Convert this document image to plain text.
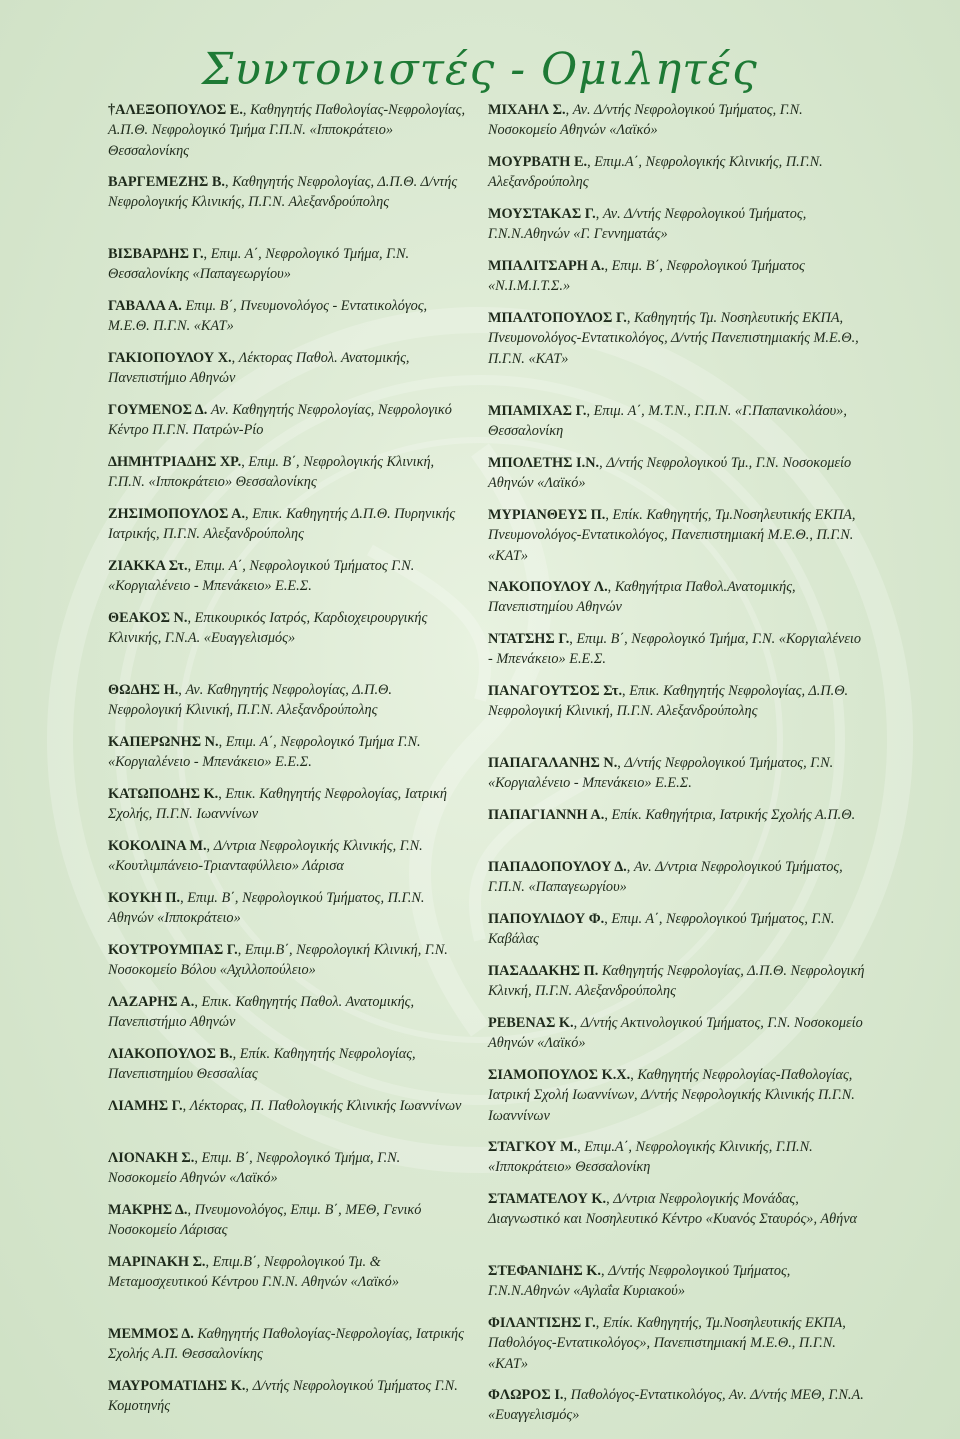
Συντονιστές - Ομιλητές

†ΑΛΕΞΟΠΟΥΛΟΣ Ε., Καθηγητής Παθολογίας-Νεφρολογίας, Α.Π.Θ. Νεφρολογικό Τμήμα Γ.Π.Ν. «Ιπποκράτειο» Θεσσαλονίκης

ΒΑΡΓΕΜΕΖΗΣ Β., Καθηγητής Νεφρολογίας, Δ.Π.Θ. Δ/ντής Νεφρολογικής Κλινικής, Π.Γ.Ν. Αλεξανδρούπολης

ΒΙΣΒΑΡΔΗΣ Γ., Επιμ. Α΄, Νεφρολογικό Τμήμα, Γ.Ν. Θεσσαλονίκης «Παπαγεωργίου»

ΓΑΒΑΛΑ Α. Επιμ. Β΄, Πνευμονολόγος - Εντατικολόγος, Μ.Ε.Θ. Π.Γ.Ν. «ΚΑΤ»

ΓΑΚΙΟΠΟΥΛΟΥ Χ., Λέκτορας Παθολ. Ανατομικής, Πανεπιστήμιο Αθηνών

ΓΟΥΜΕΝΟΣ Δ. Αν. Καθηγητής Νεφρολογίας, Νεφρολογικό Κέντρο Π.Γ.Ν. Πατρών-Ρίο

ΔΗΜΗΤΡΙΑΔΗΣ ΧΡ., Επιμ. Β΄, Νεφρολογικής Κλινική, Γ.Π.Ν. «Ιπποκράτειο» Θεσσαλονίκης

ΖΗΣΙΜΟΠΟΥΛΟΣ Α., Επικ. Καθηγητής Δ.Π.Θ. Πυρηνικής Ιατρικής, Π.Γ.Ν. Αλεξανδρούπολης

ΖΙΑΚΚΑ Στ., Επιμ. Α΄, Νεφρολογικού Τμήματος Γ.Ν. «Κοργιαλένειο - Μπενάκειο» Ε.Ε.Σ.

ΘΕΑΚΟΣ Ν., Επικουρικός Ιατρός, Καρδιοχειρουργικής Κλινικής, Γ.Ν.Α. «Ευαγγελισμός»

ΘΩΔΗΣ Η., Αν. Καθηγητής Νεφρολογίας, Δ.Π.Θ. Νεφρολογική Κλινική, Π.Γ.Ν. Αλεξανδρούπολης

ΚΑΠΕΡΩΝΗΣ Ν., Επιμ. Α΄, Νεφρολογικό Τμήμα Γ.Ν. «Κοργιαλένειο - Μπενάκειο» Ε.Ε.Σ.

ΚΑΤΩΠΟΔΗΣ Κ., Επικ. Καθηγητής Νεφρολογίας, Ιατρική Σχολής, Π.Γ.Ν. Ιωαννίνων

ΚΟΚΟΛΙΝΑ Μ., Δ/ντρια Νεφρολογικής Κλινικής, Γ.Ν. «Κουτλιμπάνειο-Τριανταφύλλειο» Λάρισα

ΚΟΥΚΗ Π., Επιμ. Β΄, Νεφρολογικού Τμήματος, Π.Γ.Ν. Αθηνών «Ιπποκράτειο»

ΚΟΥΤΡΟΥΜΠΑΣ Γ., Επιμ.Β΄, Νεφρολογική Κλινική, Γ.Ν. Νοσοκομείο Βόλου «Αχιλλοπούλειο»

ΛΑΖΑΡΗΣ Α., Επικ. Καθηγητής Παθολ. Ανατομικής, Πανεπιστήμιο Αθηνών

ΛΙΑΚΟΠΟΥΛΟΣ Β., Επίκ. Καθηγητής Νεφρολογίας, Πανεπιστημίου Θεσσαλίας

ΛΙΑΜΗΣ Γ., Λέκτορας, Π. Παθολογικής Κλινικής Ιωαννίνων

ΛΙΟΝΑΚΗ Σ., Επιμ. Β΄, Νεφρολογικό Τμήμα, Γ.Ν. Νοσοκομείο Αθηνών «Λαϊκό»

ΜΑΚΡΗΣ Δ., Πνευμονολόγος, Επιμ. Β΄, ΜΕΘ, Γενικό Νοσοκομείο Λάρισας

ΜΑΡΙΝΑΚΗ Σ., Επιμ.Β΄, Νεφρολογικού Τμ. & Μεταμοσχευτικού Κέντρου Γ.Ν.Ν. Αθηνών «Λαϊκό»

ΜΕΜΜΟΣ Δ. Καθηγητής Παθολογίας-Νεφρολογίας, Ιατρικής Σχολής Α.Π. Θεσσαλονίκης

ΜΑΥΡΟΜΑΤΙΔΗΣ Κ., Δ/ντής Νεφρολογικού Τμήματος Γ.Ν. Κομοτηνής

ΜΙΧΑΗΛ Σ., Αν. Δ/ντής Νεφρολογικού Τμήματος, Γ.Ν. Νοσοκομείο Αθηνών «Λαϊκό»

ΜΟΥΡΒΑΤΗ Ε., Επιμ.Α΄, Νεφρολογικής Κλινικής, Π.Γ.Ν. Αλεξανδρούπολης

ΜΟΥΣΤΑΚΑΣ Γ., Αν. Δ/ντής Νεφρολογικού Τμήματος, Γ.Ν.Ν.Αθηνών «Γ. Γεννηματάς»

ΜΠΑΛΙΤΣΑΡΗ Α., Επιμ. Β΄, Νεφρολογικού Τμήματος «Ν.Ι.Μ.Ι.Τ.Σ.»

ΜΠΑΛΤΟΠΟΥΛΟΣ Γ., Καθηγητής Τμ. Νοσηλευτικής ΕΚΠΑ, Πνευμονολόγος-Εντατικολόγος, Δ/ντής Πανεπιστημιακής Μ.Ε.Θ., Π.Γ.Ν. «ΚΑΤ»

ΜΠΑΜΙΧΑΣ Γ., Επιμ. Α΄, Μ.Τ.Ν., Γ.Π.Ν. «Γ.Παπανικολάου», Θεσσαλονίκη

ΜΠΟΛΕΤΗΣ Ι.Ν., Δ/ντής Νεφρολογικού Τμ., Γ.Ν. Νοσοκομείο Αθηνών «Λαϊκό»

ΜΥΡΙΑΝΘΕΥΣ Π., Επίκ. Καθηγητής, Τμ.Νοσηλευτικής ΕΚΠΑ, Πνευμονολόγος-Εντατικολόγος, Πανεπιστημιακή Μ.Ε.Θ., Π.Γ.Ν. «ΚΑΤ»

ΝΑΚΟΠΟΥΛΟΥ Λ., Καθηγήτρια Παθολ.Ανατομικής, Πανεπιστημίου Αθηνών

ΝΤΑΤΣΗΣ Γ., Επιμ. Β΄, Νεφρολογικό Τμήμα, Γ.Ν. «Κοργιαλένειο - Μπενάκειο» Ε.Ε.Σ.

ΠΑΝΑΓΟΥΤΣΟΣ Στ., Επικ. Καθηγητής Νεφρολογίας, Δ.Π.Θ. Νεφρολογική Κλινική, Π.Γ.Ν. Αλεξανδρούπολης

ΠΑΠΑΓΑΛΑΝΗΣ Ν., Δ/ντής Νεφρολογικού Τμήματος, Γ.Ν. «Κοργιαλένειο - Μπενάκειο» Ε.Ε.Σ.

ΠΑΠΑΓΙΑΝΝΗ Α., Επίκ. Καθηγήτρια, Ιατρικής Σχολής Α.Π.Θ.

ΠΑΠΑΔΟΠΟΥΛΟΥ Δ., Αν. Δ/ντρια Νεφρολογικού Τμήματος, Γ.Π.Ν. «Παπαγεωργίου»

ΠΑΠΟΥΛΙΔΟΥ Φ., Επιμ. Α΄, Νεφρολογικού Τμήματος, Γ.Ν. Καβάλας

ΠΑΣΑΔΑΚΗΣ Π. Καθηγητής Νεφρολογίας, Δ.Π.Θ. Νεφρολογική Κλινκή, Π.Γ.Ν. Αλεξανδρούπολης

ΡΕΒΕΝΑΣ Κ., Δ/ντής Ακτινολογικού Τμήματος, Γ.Ν. Νοσοκομείο Αθηνών «Λαϊκό»

ΣΙΑΜΟΠΟΥΛΟΣ Κ.Χ., Καθηγητής Νεφρολογίας-Παθολογίας, Ιατρική Σχολή Ιωαννίνων, Δ/ντής Νεφρολογικής Κλινικής Π.Γ.Ν. Ιωαννίνων

ΣΤΑΓΚΟΥ Μ., Επιμ.Α΄, Νεφρολογικής Κλινικής, Γ.Π.Ν. «Ιπποκράτειο» Θεσσαλονίκη

ΣΤΑΜΑΤΕΛΟΥ Κ., Δ/ντρια Νεφρολογικής Μονάδας, Διαγνωστικό και Νοσηλευτικό Κέντρο «Κυανός Σταυρός», Αθήνα

ΣΤΕΦΑΝΙΔΗΣ Κ., Δ/ντής Νεφρολογικού Τμήματος, Γ.Ν.Ν.Αθηνών «Αγλαΐα Κυριακού»

ΦΙΛΑΝΤΙΣΗΣ Γ., Επίκ. Καθηγητής, Τμ.Νοσηλευτικής ΕΚΠΑ, Παθολόγος-Εντατικολόγος», Πανεπιστημιακή Μ.Ε.Θ., Π.Γ.Ν. «ΚΑΤ»

ΦΛΩΡΟΣ Ι., Παθολόγος-Εντατικολόγος, Αν. Δ/ντής ΜΕΘ, Γ.Ν.Α. «Ευαγγελισμός»
